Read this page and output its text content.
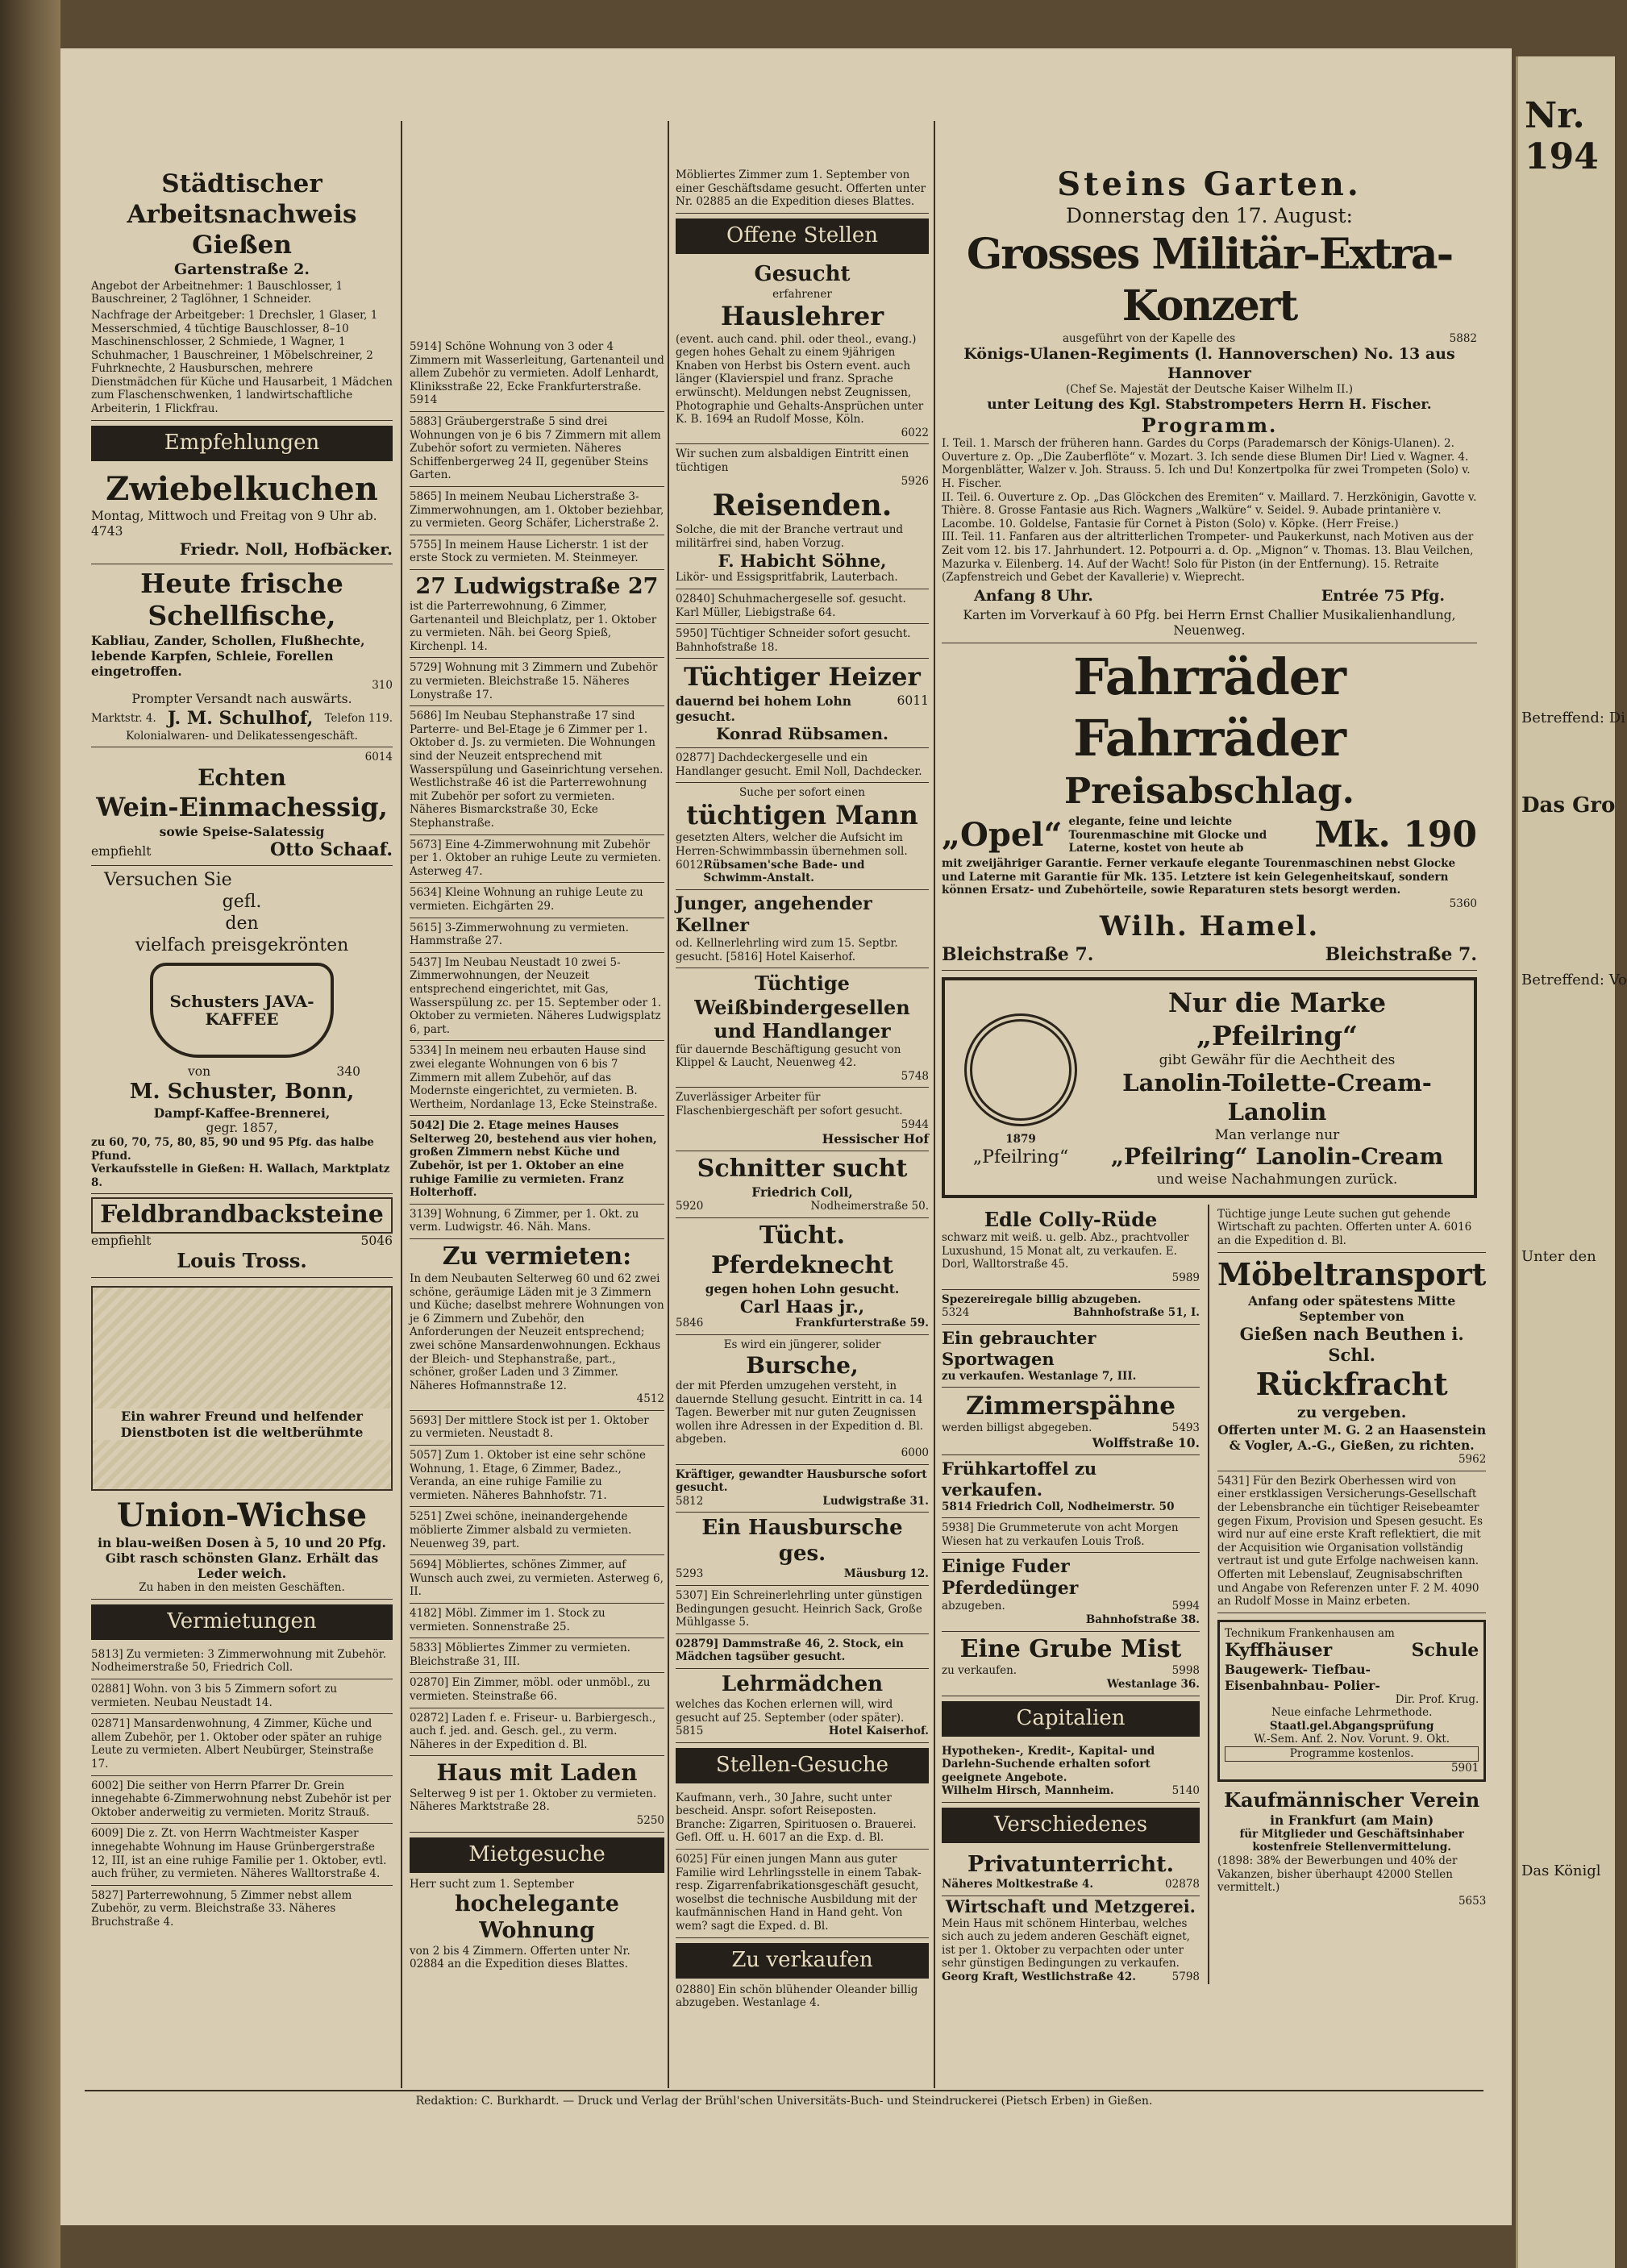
Nr. 194
Betreffend: Di
Das Gro
Betreffend: Vo
Unter den
Das Königl
Städtischer Arbeitsnachweis Gießen
Gartenstraße 2.
Angebot der Arbeitnehmer: 1 Bauschlosser, 1 Bauschreiner, 2 Taglöhner, 1 Schneider.
Nachfrage der Arbeitgeber: 1 Drechsler, 1 Glaser, 1 Messerschmied, 4 tüchtige Bauschlosser, 8–10 Maschinenschlosser, 2 Schmiede, 1 Wagner, 1 Schuhmacher, 1 Bauschreiner, 1 Möbelschreiner, 2 Fuhrknechte, 2 Hausburschen, mehrere Dienstmädchen für Küche und Hausarbeit, 1 Mädchen zum Flaschenschwenken, 1 landwirtschaftliche Arbeiterin, 1 Flickfrau.
Empfehlungen
Zwiebelkuchen
Montag, Mittwoch und Freitag von 9 Uhr ab. 4743
Friedr. Noll, Hofbäcker.
Heute frische Schellfische,
Kabliau, Zander, Schollen, Flußhechte, lebende Karpfen, Schleie, Forellen eingetroffen.
310
Prompter Versandt nach auswärts.
Marktstr. 4. J. M. Schulhof, Telefon 119.
Kolonialwaren- und Delikatessengeschäft.
6014
Echten
Wein-Einmachessig,
sowie Speise-Salatessig
empfiehlt	Otto Schaaf.
Versuchen Sie
gefl.
den
vielfach preisgekrönten
Schusters JAVA-KAFFEE
von	340
M. Schuster, Bonn,
Dampf-Kaffee-Brennerei,
gegr. 1857,
zu 60, 70, 75, 80, 85, 90 und 95 Pfg. das halbe Pfund.
Verkaufsstelle in Gießen: H. Wallach, Marktplatz 8.
Feldbrandbacksteine
empfiehlt	5046
Louis Tross.
Ein wahrer Freund und helfender Dienstboten ist die weltberühmte
Union-Wichse
in blau-weißen Dosen à 5, 10 und 20 Pfg. Gibt rasch schönsten Glanz. Erhält das Leder weich.
Zu haben in den meisten Geschäften.
Vermietungen
5813] Zu vermieten: 3 Zimmerwohnung mit Zubehör. Nodheimerstraße 50, Friedrich Coll.
02881] Wohn. von 3 bis 5 Zimmern sofort zu vermieten. Neubau Neustadt 14.
02871] Mansardenwohnung, 4 Zimmer, Küche und allem Zubehör, per 1. Oktober oder später an ruhige Leute zu vermieten. Albert Neubürger, Steinstraße 17.
6002] Die seither von Herrn Pfarrer Dr. Grein innegehabte 6-Zimmerwohnung nebst Zubehör ist per Oktober anderweitig zu vermieten. Moritz Strauß.
6009] Die z. Zt. von Herrn Wachtmeister Kasper innegehabte Wohnung im Hause Grünbergerstraße 12, III, ist an eine ruhige Familie per 1. Oktober, evtl. auch früher, zu vermieten. Näheres Walltorstraße 4.
5827] Parterrewohnung, 5 Zimmer nebst allem Zubehör, zu verm. Bleichstraße 33. Näheres Bruchstraße 4.
5914] Schöne Wohnung von 3 oder 4 Zimmern mit Wasserleitung, Gartenanteil und allem Zubehör zu vermieten. Adolf Lenhardt, Kliniksstraße 22, Ecke Frankfurterstraße. 5914
5883] Gräubergerstraße 5 sind drei Wohnungen von je 6 bis 7 Zimmern mit allem Zubehör sofort zu vermieten. Näheres Schiffenbergerweg 24 II, gegenüber Steins Garten.
5865] In meinem Neubau Licherstraße 3-Zimmerwohnungen, am 1. Oktober beziehbar, zu vermieten. Georg Schäfer, Licherstraße 2.
5755] In meinem Hause Licherstr. 1 ist der erste Stock zu vermieten. M. Steinmeyer.
27 Ludwigstraße 27
ist die Parterrewohnung, 6 Zimmer, Gartenanteil und Bleichplatz, per 1. Oktober zu vermieten. Näh. bei Georg Spieß, Kirchenpl. 14.
5729] Wohnung mit 3 Zimmern und Zubehör zu vermieten. Bleichstraße 15. Näheres Lonystraße 17.
5686] Im Neubau Stephanstraße 17 sind Parterre- und Bel-Etage je 6 Zimmer per 1. Oktober d. Js. zu vermieten. Die Wohnungen sind der Neuzeit entsprechend mit Wasserspülung und Gaseinrichtung versehen. Westlichstraße 46 ist die Parterrewohnung mit Zubehör per sofort zu vermieten. Näheres Bismarckstraße 30, Ecke Stephanstraße.
5673] Eine 4-Zimmerwohnung mit Zubehör per 1. Oktober an ruhige Leute zu vermieten. Asterweg 47.
5634] Kleine Wohnung an ruhige Leute zu vermieten. Eichgärten 29.
5615] 3-Zimmerwohnung zu vermieten. Hammstraße 27.
5437] Im Neubau Neustadt 10 zwei 5-Zimmerwohnungen, der Neuzeit entsprechend eingerichtet, mit Gas, Wasserspülung zc. per 15. September oder 1. Oktober zu vermieten. Näheres Ludwigsplatz 6, part.
5334] In meinem neu erbauten Hause sind zwei elegante Wohnungen von 6 bis 7 Zimmern mit allem Zubehör, auf das Modernste eingerichtet, zu vermieten. B. Wertheim, Nordanlage 13, Ecke Steinstraße.
5042] Die 2. Etage meines Hauses Selterweg 20, bestehend aus vier hohen, großen Zimmern nebst Küche und Zubehör, ist per 1. Oktober an eine ruhige Familie zu vermieten. Franz Holterhoff.
3139] Wohnung, 6 Zimmer, per 1. Okt. zu verm. Ludwigstr. 46. Näh. Mans.
Zu vermieten:
In dem Neubauten Selterweg 60 und 62 zwei schöne, geräumige Läden mit je 3 Zimmern und Küche; daselbst mehrere Wohnungen von je 6 Zimmern und Zubehör, den Anforderungen der Neuzeit entsprechend; zwei schöne Mansardenwohnungen. Eckhaus der Bleich- und Stephanstraße, part., schöner, großer Laden und 3 Zimmer. Näheres Hofmannstraße 12.
4512
5693] Der mittlere Stock ist per 1. Oktober zu vermieten. Neustadt 8.
5057] Zum 1. Oktober ist eine sehr schöne Wohnung, 1. Etage, 6 Zimmer, Badez., Veranda, an eine ruhige Familie zu vermieten. Näheres Bahnhofstr. 71.
5251] Zwei schöne, ineinandergehende möblierte Zimmer alsbald zu vermieten. Neuenweg 39, part.
5694] Möbliertes, schönes Zimmer, auf Wunsch auch zwei, zu vermieten. Asterweg 6, II.
4182] Möbl. Zimmer im 1. Stock zu vermieten. Sonnenstraße 25.
5833] Möbliertes Zimmer zu vermieten. Bleichstraße 31, III.
02870] Ein Zimmer, möbl. oder unmöbl., zu vermieten. Steinstraße 66.
02872] Laden f. e. Friseur- u. Barbiergesch., auch f. jed. and. Gesch. gel., zu verm. Näheres in der Expedition d. Bl.
Haus mit Laden
Selterweg 9 ist per 1. Oktober zu vermieten. Näheres Marktstraße 28.
5250
Mietgesuche
Herr sucht zum 1. September
hochelegante Wohnung
von 2 bis 4 Zimmern. Offerten unter Nr. 02884 an die Expedition dieses Blattes.
Möbliertes Zimmer zum 1. September von einer Geschäftsdame gesucht. Offerten unter Nr. 02885 an die Expedition dieses Blattes.
Offene Stellen
Gesucht
erfahrener
Hauslehrer
(event. auch cand. phil. oder theol., evang.) gegen hohes Gehalt zu einem 9jährigen Knaben von Herbst bis Ostern event. auch länger (Klavierspiel und franz. Sprache erwünscht). Meldungen nebst Zeugnissen, Photographie und Gehalts-Ansprüchen unter K. B. 1694 an Rudolf Mosse, Köln.
6022
Wir suchen zum alsbaldigen Eintritt einen tüchtigen
5926
Reisenden.
Solche, die mit der Branche vertraut und militärfrei sind, haben Vorzug.
F. Habicht Söhne,
Likör- und Essigspritfabrik, Lauterbach.
02840] Schuhmachergeselle sof. gesucht. Karl Müller, Liebigstraße 64.
5950] Tüchtiger Schneider sofort gesucht. Bahnhofstraße 18.
Tüchtiger Heizer
dauernd bei hohem Lohn gesucht.
6011
Konrad Rübsamen.
02877] Dachdeckergeselle und ein Handlanger gesucht. Emil Noll, Dachdecker.
Suche per sofort einen
tüchtigen Mann
gesetzten Alters, welcher die Aufsicht im Herren-Schwimmbassin übernehmen soll.
6012 Rübsamen'sche Bade- und Schwimm-Anstalt.
Junger, angehender Kellner
od. Kellnerlehrling wird zum 15. Septbr. gesucht. [5816] Hotel Kaiserhof.
Tüchtige Weißbindergesellen und Handlanger
für dauernde Beschäftigung gesucht von Klippel & Laucht, Neuenweg 42.
5748
Zuverlässiger Arbeiter für Flaschenbiergeschäft per sofort gesucht.
5944
Hessischer Hof
Schnitter sucht
Friedrich Coll,
5920	Nodheimerstraße 50.
Tücht. Pferdeknecht
gegen hohen Lohn gesucht.
Carl Haas jr.,
5846	Frankfurterstraße 59.
Es wird ein jüngerer, solider
Bursche,
der mit Pferden umzugehen versteht, in dauernde Stellung gesucht. Eintritt in ca. 14 Tagen. Bewerber mit nur guten Zeugnissen wollen ihre Adressen in der Expedition d. Bl. abgeben.
6000
Kräftiger, gewandter Hausbursche sofort gesucht.
5812	Ludwigstraße 31.
Ein Hausbursche ges.
5293	Mäusburg 12.
5307] Ein Schreinerlehrling unter günstigen Bedingungen gesucht. Heinrich Sack, Große Mühlgasse 5.
02879] Dammstraße 46, 2. Stock, ein Mädchen tagsüber gesucht.
Lehrmädchen
welches das Kochen erlernen will, wird gesucht auf 25. September (oder später).
5815	Hotel Kaiserhof.
Stellen-Gesuche
Kaufmann, verh., 30 Jahre, sucht unter bescheid. Anspr. sofort Reiseposten. Branche: Zigarren, Spirituosen o. Brauerei. Gefl. Off. u. H. 6017 an die Exp. d. Bl.
6025] Für einen jungen Mann aus guter Familie wird Lehrlingsstelle in einem Tabak- resp. Zigarrenfabrikationsgeschäft gesucht, woselbst die technische Ausbildung mit der kaufmännischen Hand in Hand geht. Von wem? sagt die Exped. d. Bl.
Zu verkaufen
02880] Ein schön blühender Oleander billig abzugeben. Westanlage 4.
Steins Garten.
Donnerstag den 17. August:
Grosses Militär-Extra-Konzert
ausgeführt von der Kapelle des	5882
Königs-Ulanen-Regiments (l. Hannoverschen) No. 13 aus Hannover
(Chef Se. Majestät der Deutsche Kaiser Wilhelm II.)
unter Leitung des Kgl. Stabstrompeters Herrn H. Fischer.
Programm.
I. Teil. 1. Marsch der früheren hann. Gardes du Corps (Parademarsch der Königs-Ulanen). 2. Ouverture z. Op. „Die Zauberflöte“ v. Mozart. 3. Ich sende diese Blumen Dir! Lied v. Wagner. 4. Morgenblätter, Walzer v. Joh. Strauss. 5. Ich und Du! Konzertpolka für zwei Trompeten (Solo) v. H. Fischer.
II. Teil. 6. Ouverture z. Op. „Das Glöckchen des Eremiten“ v. Maillard. 7. Herzkönigin, Gavotte v. Thière. 8. Grosse Fantasie aus Rich. Wagners „Walküre“ v. Seidel. 9. Aubade printanière v. Lacombe. 10. Goldelse, Fantasie für Cornet à Piston (Solo) v. Köpke. (Herr Freise.)
III. Teil. 11. Fanfaren aus der altritterlichen Trompeter- und Paukerkunst, nach Motiven aus der Zeit vom 12. bis 17. Jahrhundert. 12. Potpourri a. d. Op. „Mignon“ v. Thomas. 13. Blau Veilchen, Mazurka v. Eilenberg. 14. Auf der Wacht! Solo für Piston (in der Entfernung). 15. Retraite (Zapfenstreich und Gebet der Kavallerie) v. Wieprecht.
Anfang 8 Uhr.	Entrée 75 Pfg.
Karten im Vorverkauf à 60 Pfg. bei Herrn Ernst Challier Musikalienhandlung, Neuenweg.
Fahrräder Fahrräder
Preisabschlag.
„Opel“ elegante, feine und leichte Tourenmaschine mit Glocke und Laterne, kostet von heute ab	Mk. 190
mit zweijähriger Garantie. Ferner verkaufe elegante Tourenmaschinen nebst Glocke und Laterne mit Garantie für Mk. 135. Letztere ist kein Gelegenheitskauf, sondern können Ersatz- und Zubehörteile, sowie Reparaturen stets besorgt werden.
5360
Wilh. Hamel.
Bleichstraße 7.	Bleichstraße 7.
1879
„Pfeilring“
Nur die Marke „Pfeilring“
gibt Gewähr für die Aechtheit des
Lanolin-Toilette-Cream-Lanolin
Man verlange nur
„Pfeilring“ Lanolin-Cream
und weise Nachahmungen zurück.
Edle Colly-Rüde
schwarz mit weiß. u. gelb. Abz., prachtvoller Luxushund, 15 Monat alt, zu verkaufen. E. Dorl, Walltorstraße 45.
5989
Spezereiregale billig abzugeben.
5324	Bahnhofstraße 51, I.
Ein gebrauchter Sportwagen
zu verkaufen. Westanlage 7, III.
Zimmerspähne
werden billigst abgegeben.	5493
Wolffstraße 10.
Frühkartoffel zu verkaufen.
5814 Friedrich Coll, Nodheimerstr. 50
5938] Die Grummeterute von acht Morgen Wiesen hat zu verkaufen Louis Troß.
Einige Fuder Pferdedünger
abzugeben.	5994
Bahnhofstraße 38.
Eine Grube Mist
zu verkaufen.	5998
Westanlage 36.
Capitalien
Hypotheken-, Kredit-, Kapital- und Darlehn-Suchende erhalten sofort geeignete Angebote.
Wilhelm Hirsch, Mannheim.	5140
Verschiedenes
Privatunterricht.
Näheres Moltkestraße 4.	02878
Wirtschaft und Metzgerei.
Mein Haus mit schönem Hinterbau, welches sich auch zu jedem anderen Geschäft eignet, ist per 1. Oktober zu verpachten oder unter sehr günstigen Bedingungen zu verkaufen.
Georg Kraft, Westlichstraße 42.	5798
Tüchtige junge Leute suchen gut gehende Wirtschaft zu pachten. Offerten unter A. 6016 an die Expedition d. Bl.
Möbeltransport
Anfang oder spätestens Mitte September von
Gießen nach Beuthen i. Schl.
Rückfracht
zu vergeben.
Offerten unter M. G. 2 an Haasenstein & Vogler, A.-G., Gießen, zu richten.
5962
5431] Für den Bezirk Oberhessen wird von einer erstklassigen Versicherungs-Gesellschaft der Lebensbranche ein tüchtiger Reisebeamter gegen Fixum, Provision und Spesen gesucht. Es wird nur auf eine erste Kraft reflektiert, die mit der Acquisition wie Organisation vollständig vertraut ist und gute Erfolge nachweisen kann. Offerten mit Lebenslauf, Zeugnisabschriften und Angabe von Referenzen unter F. 2 M. 4090 an Rudolf Mosse in Mainz erbeten.
Technikum Frankenhausen am
Kyffhäuser	Schule
Baugewerk- Tiefbau- Eisenbahnbau- Polier-
Dir. Prof. Krug.
Neue einfache Lehrmethode.
Staatl.gel.Abgangsprüfung
W.-Sem. Anf. 2. Nov. Vorunt. 9. Okt.
Programme kostenlos.
5901
Kaufmännischer Verein
in Frankfurt (am Main)
für Mitglieder und Geschäftsinhaber kostenfreie Stellenvermittelung.
(1898: 38% der Bewerbungen und 40% der Vakanzen, bisher überhaupt 42000 Stellen vermittelt.)
5653
Redaktion: C. Burkhardt. — Druck und Verlag der Brühl'schen Universitäts-Buch- und Steindruckerei (Pietsch Erben) in Gießen.
